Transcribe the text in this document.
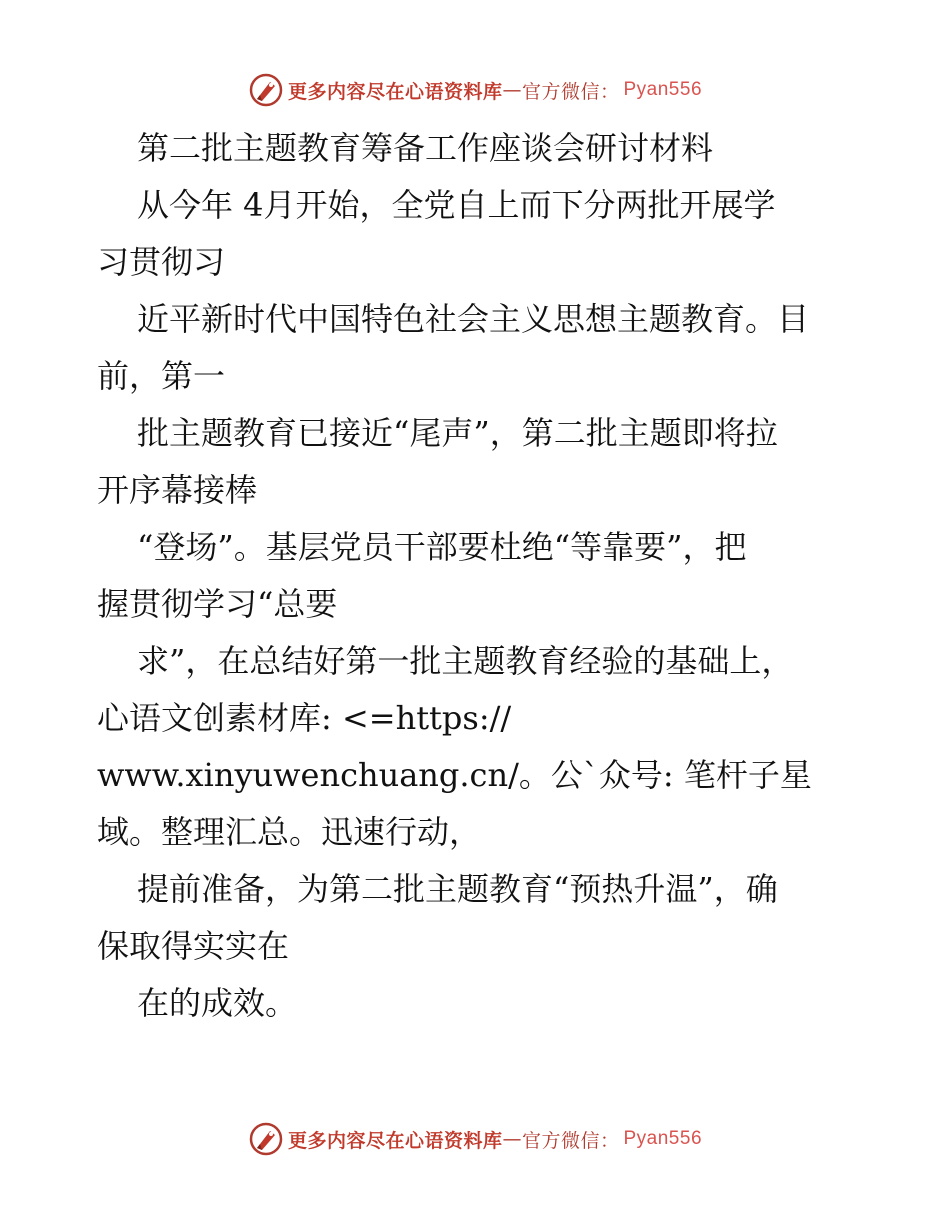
更多内容尽在心语资料库 — 官方微信： Pyan556
第二批主题教育筹备工作座谈会研讨材料
从今年 4月开始，全党自上而下分两批开展学
习贯彻习
近平新时代中国特色社会主义思想主题教育。目
前，第一
批主题教育已接近“尾声”，第二批主题即将拉
开序幕接棒
“登场”。基层党员干部要杜绝“等靠要”，把
握贯彻学习“总要
求”，在总结好第一批主题教育经验的基础上，
心语文创素材库: <=https://
www.xinyuwenchuang.cn/。公`众号: 笔杆子星
域。整理汇总。迅速行动，
提前准备，为第二批主题教育“预热升温”，确
保取得实实在
在的成效。
更多内容尽在心语资料库 — 官方微信： Pyan556
